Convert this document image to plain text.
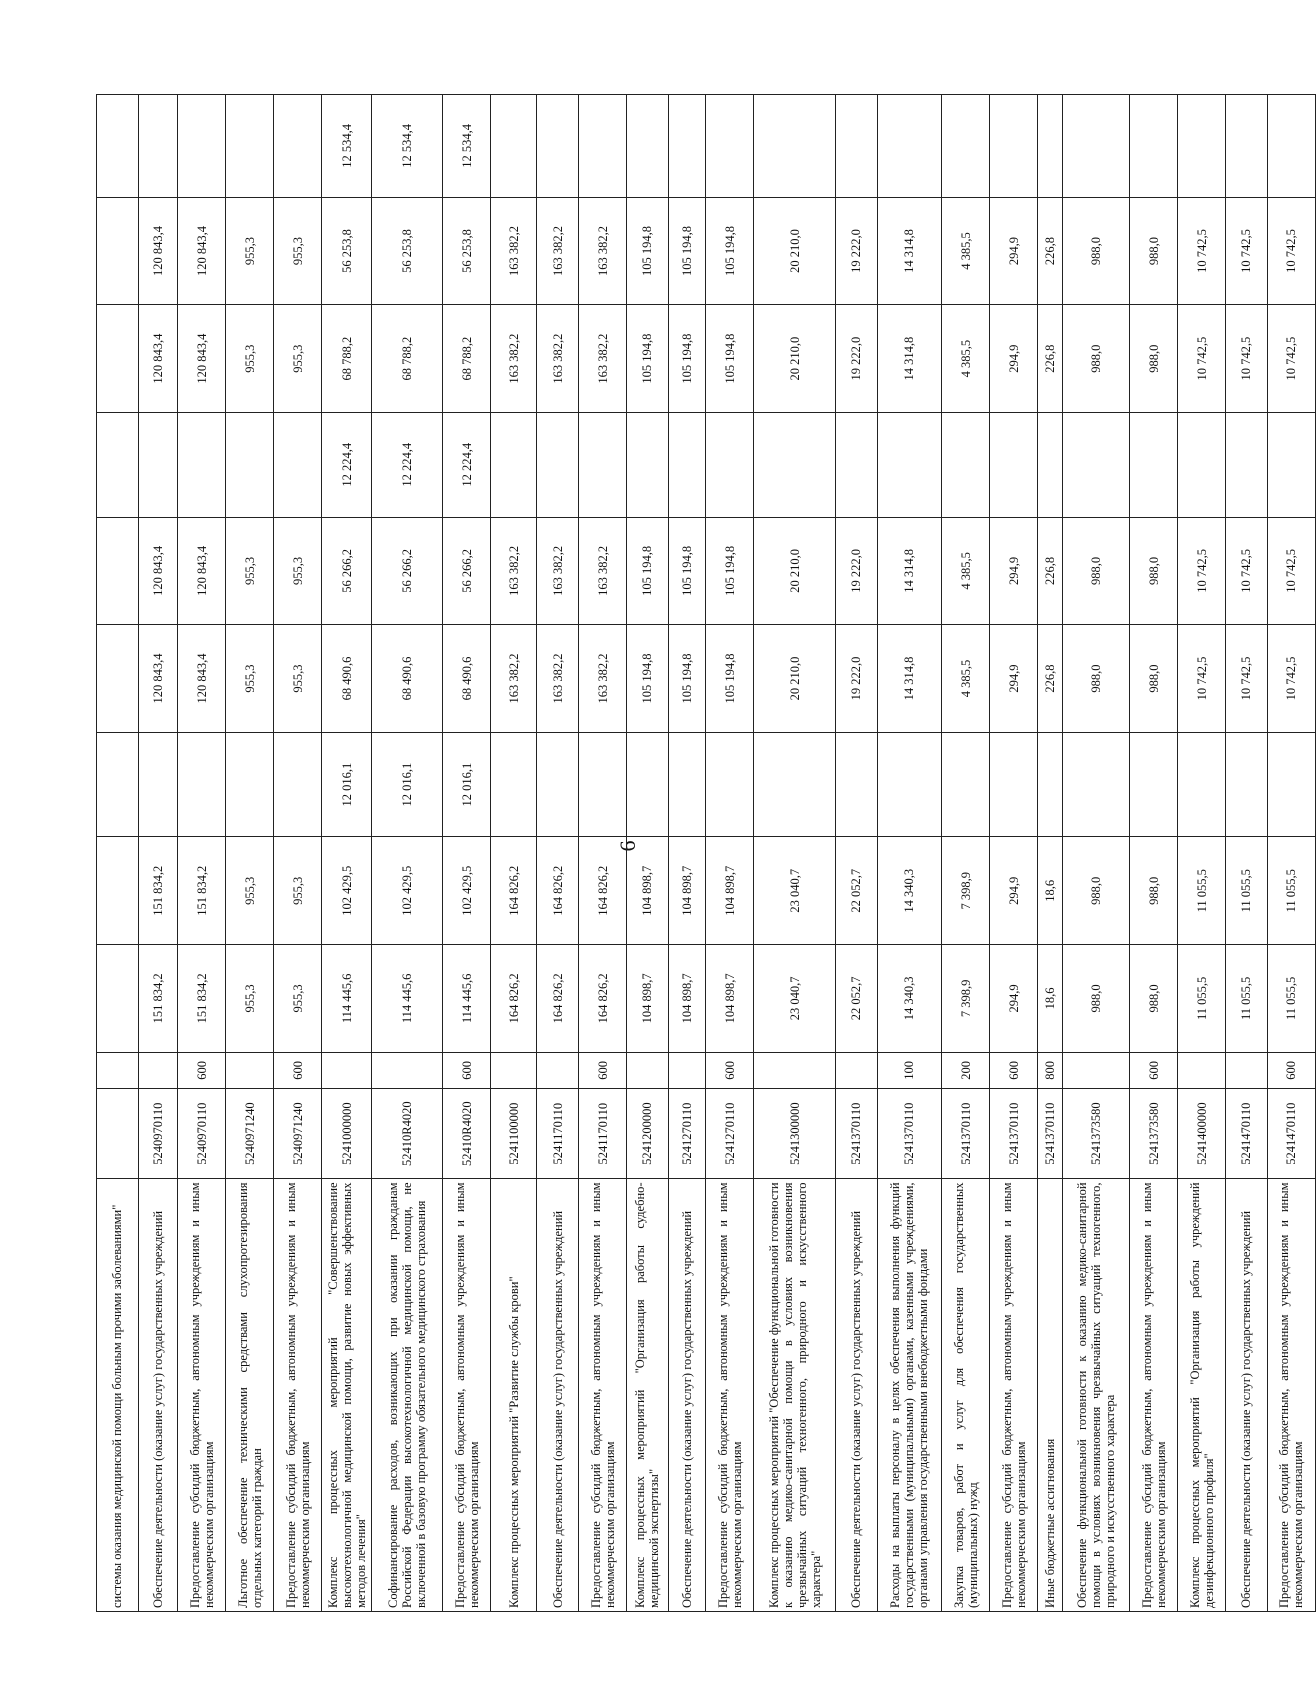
6
системы оказания медицинской помощи больным прочими заболеваниями"											
Обеспечение деятельности (оказание услуг) государственных учреждений	5240970110		151 834,2	151 834,2		120 843,4	120 843,4		120 843,4	120 843,4	
Предоставление субсидий бюджетным, автономным учреждениям и иным некоммерческим организациям	5240970110	600	151 834,2	151 834,2		120 843,4	120 843,4		120 843,4	120 843,4	
Льготное обеспечение техническими средствами слухопротезирования отдельных категорий граждан	5240971240		955,3	955,3		955,3	955,3		955,3	955,3	
Предоставление субсидий бюджетным, автономным учреждениям и иным некоммерческим организациям	5240971240	600	955,3	955,3		955,3	955,3		955,3	955,3	
Комплекс процессных мероприятий "Совершенствование высокотехнологичной медицинской помощи, развитие новых эффективных методов лечения"	5241000000		114 445,6	102 429,5	12 016,1	68 490,6	56 266,2	12 224,4	68 788,2	56 253,8	12 534,4
Софинансирование расходов, возникающих при оказании гражданам Российской Федерации высокотехнологичной медицинской помощи, не включенной в базовую программу обязательного медицинского страхования	52410R4020		114 445,6	102 429,5	12 016,1	68 490,6	56 266,2	12 224,4	68 788,2	56 253,8	12 534,4
Предоставление субсидий бюджетным, автономным учреждениям и иным некоммерческим организациям	52410R4020	600	114 445,6	102 429,5	12 016,1	68 490,6	56 266,2	12 224,4	68 788,2	56 253,8	12 534,4
Комплекс процессных мероприятий "Развитие службы крови"	5241100000		164 826,2	164 826,2		163 382,2	163 382,2		163 382,2	163 382,2	
Обеспечение деятельности (оказание услуг) государственных учреждений	5241170110		164 826,2	164 826,2		163 382,2	163 382,2		163 382,2	163 382,2	
Предоставление субсидий бюджетным, автономным учреждениям и иным некоммерческим организациям	5241170110	600	164 826,2	164 826,2		163 382,2	163 382,2		163 382,2	163 382,2	
Комплекс процессных мероприятий "Организация работы судебно-медицинской экспертизы"	5241200000		104 898,7	104 898,7		105 194,8	105 194,8		105 194,8	105 194,8	
Обеспечение деятельности (оказание услуг) государственных учреждений	5241270110		104 898,7	104 898,7		105 194,8	105 194,8		105 194,8	105 194,8	
Предоставление субсидий бюджетным, автономным учреждениям и иным некоммерческим организациям	5241270110	600	104 898,7	104 898,7		105 194,8	105 194,8		105 194,8	105 194,8	
Комплекс процессных мероприятий "Обеспечение функциональной готовности к оказанию медико-санитарной помощи в условиях возникновения чрезвычайных ситуаций техногенного, природного и искусственного характера"	5241300000		23 040,7	23 040,7		20 210,0	20 210,0		20 210,0	20 210,0	
Обеспечение деятельности (оказание услуг) государственных учреждений	5241370110		22 052,7	22 052,7		19 222,0	19 222,0		19 222,0	19 222,0	
Расходы на выплаты персоналу в целях обеспечения выполнения функций государственными (муниципальными) органами, казенными учреждениями, органами управления государственными внебюджетными фондами	5241370110	100	14 340,3	14 340,3		14 314,8	14 314,8		14 314,8	14 314,8	
Закупка товаров, работ и услуг для обеспечения государственных (муниципальных) нужд	5241370110	200	7 398,9	7 398,9		4 385,5	4 385,5		4 385,5	4 385,5	
Предоставление субсидий бюджетным, автономным учреждениям и иным некоммерческим организациям	5241370110	600	294,9	294,9		294,9	294,9		294,9	294,9	
Иные бюджетные ассигнования	5241370110	800	18,6	18,6		226,8	226,8		226,8	226,8	
Обеспечение функциональной готовности к оказанию медико-санитарной помощи в условиях возникновения чрезвычайных ситуаций техногенного, природного и искусственного характера	5241373580		988,0	988,0		988,0	988,0		988,0	988,0	
Предоставление субсидий бюджетным, автономным учреждениям и иным некоммерческим организациям	5241373580	600	988,0	988,0		988,0	988,0		988,0	988,0	
Комплекс процессных мероприятий "Организация работы учреждений дезинфекционного профиля"	5241400000		11 055,5	11 055,5		10 742,5	10 742,5		10 742,5	10 742,5	
Обеспечение деятельности (оказание услуг) государственных учреждений	5241470110		11 055,5	11 055,5		10 742,5	10 742,5		10 742,5	10 742,5	
Предоставление субсидий бюджетным, автономным учреждениям и иным некоммерческим организациям	5241470110	600	11 055,5	11 055,5		10 742,5	10 742,5		10 742,5	10 742,5	
